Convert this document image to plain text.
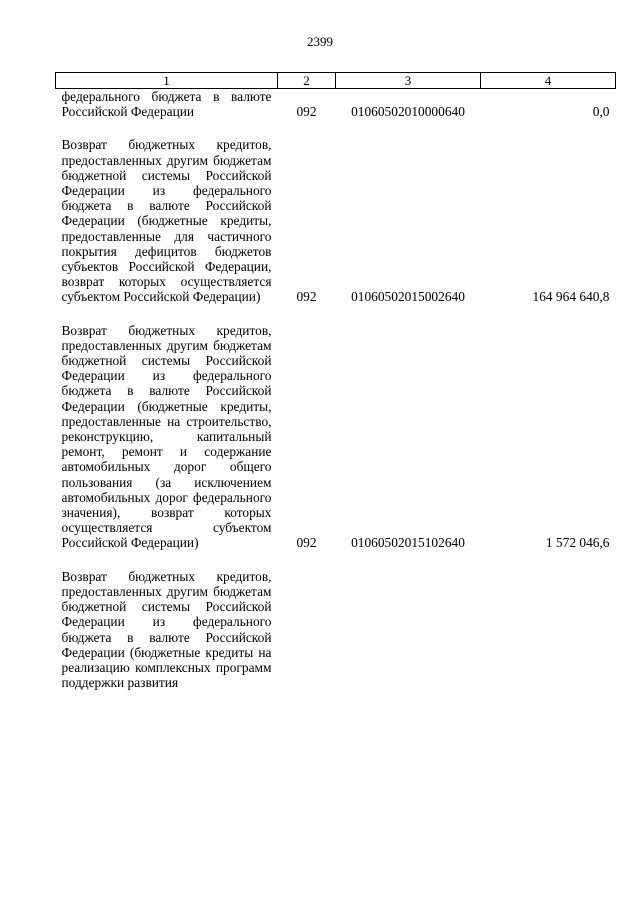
2399
1	2	3	4

федерального бюджета в валюте Российской Федерации	092	01060502010000640	0,0

Возврат бюджетных кредитов, предоставленных другим бюджетам бюджетной системы Российской Федерации из федерального бюджета в валюте Российской Федерации (бюджетные кредиты, предоставленные для частичного покрытия дефицитов бюджетов субъектов Российской Федерации, возврат которых осуществляется субъектом Российской Федерации)	092	01060502015002640	164 964 640,8

Возврат бюджетных кредитов, предоставленных другим бюджетам бюджетной системы Российской Федерации из федерального бюджета в валюте Российской Федерации (бюджетные кредиты, предоставленные на строительство, реконструкцию, капитальный ремонт, ремонт и содержание автомобильных дорог общего пользования (за исключением автомобильных дорог федерального значения), возврат которых осуществляется субъектом Российской Федерации)	092	01060502015102640	1 572 046,6

Возврат бюджетных кредитов, предоставленных другим бюджетам бюджетной системы Российской Федерации из федерального бюджета в валюте Российской Федерации (бюджетные кредиты на реализацию комплексных программ поддержки развития			
